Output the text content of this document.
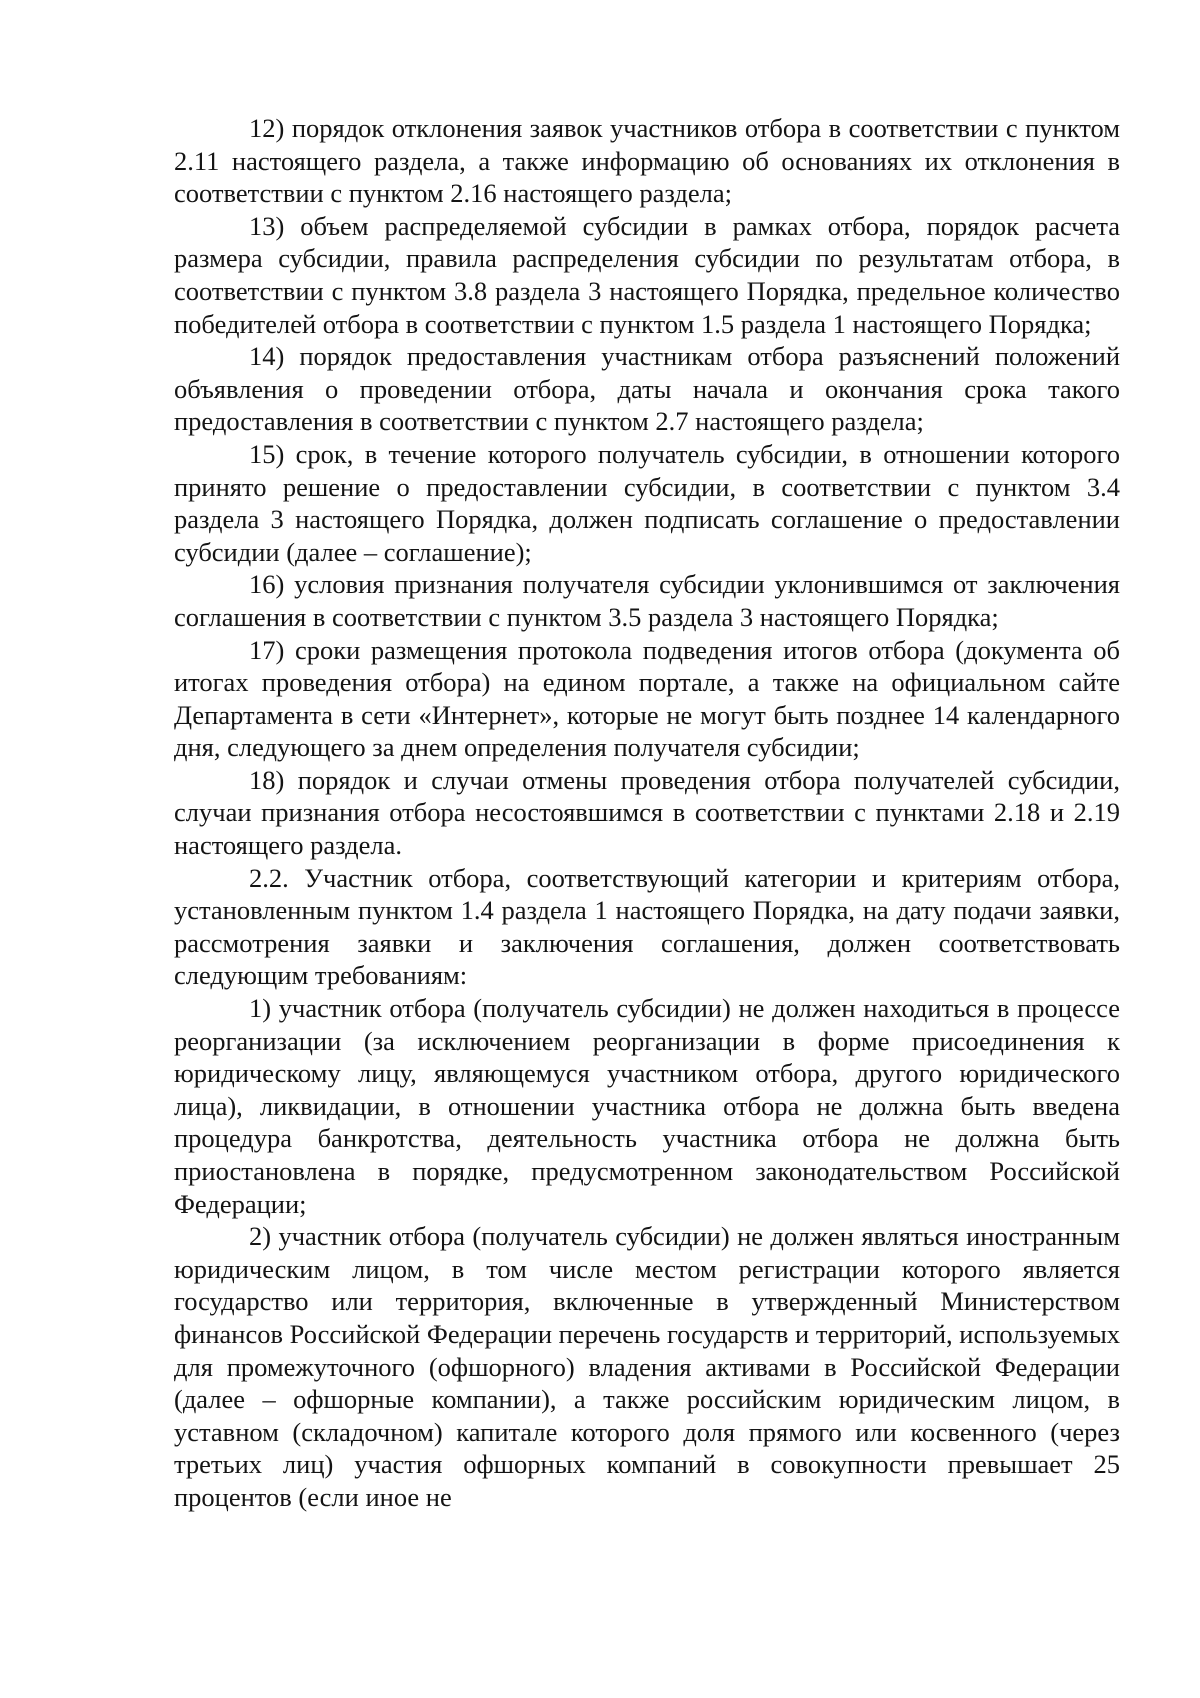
12) порядок отклонения заявок участников отбора в соответствии с пунктом 2.11 настоящего раздела, а также информацию об основаниях их отклонения в соответствии с пунктом 2.16 настоящего раздела;

13) объем распределяемой субсидии в рамках отбора, порядок расчета размера субсидии, правила распределения субсидии по результатам отбора, в соответствии с пунктом 3.8 раздела 3 настоящего Порядка, предельное количество победителей отбора в соответствии с пунктом 1.5 раздела 1 настоящего Порядка;

14) порядок предоставления участникам отбора разъяснений положений объявления о проведении отбора, даты начала и окончания срока такого предоставления в соответствии с пунктом 2.7 настоящего раздела;

15) срок, в течение которого получатель субсидии, в отношении которого принято решение о предоставлении субсидии, в соответствии с пунктом 3.4 раздела 3 настоящего Порядка, должен подписать соглашение о предоставлении субсидии (далее – соглашение);

16) условия признания получателя субсидии уклонившимся от заключения соглашения в соответствии с пунктом 3.5 раздела 3 настоящего Порядка;

17) сроки размещения протокола подведения итогов отбора (документа об итогах проведения отбора) на едином портале, а также на официальном сайте Департамента в сети «Интернет», которые не могут быть позднее 14 календарного дня, следующего за днем определения получателя субсидии;

18) порядок и случаи отмены проведения отбора получателей субсидии, случаи признания отбора несостоявшимся в соответствии с пунктами 2.18 и 2.19 настоящего раздела.

2.2. Участник отбора, соответствующий категории и критериям отбора, установленным пунктом 1.4 раздела 1 настоящего Порядка, на дату подачи заявки, рассмотрения заявки и заключения соглашения, должен соответствовать следующим требованиям:

1) участник отбора (получатель субсидии) не должен находиться в процессе реорганизации (за исключением реорганизации в форме присоединения к юридическому лицу, являющемуся участником отбора, другого юридического лица), ликвидации, в отношении участника отбора не должна быть введена процедура банкротства, деятельность участника отбора не должна быть приостановлена в порядке, предусмотренном законодательством Российской Федерации;

2) участник отбора (получатель субсидии) не должен являться иностранным юридическим лицом, в том числе местом регистрации которого является государство или территория, включенные в утвержденный Министерством финансов Российской Федерации перечень государств и территорий, используемых для промежуточного (офшорного) владения активами в Российской Федерации (далее – офшорные компании), а также российским юридическим лицом, в уставном (складочном) капитале которого доля прямого или косвенного (через третьих лиц) участия офшорных компаний в совокупности превышает 25 процентов (если иное не
